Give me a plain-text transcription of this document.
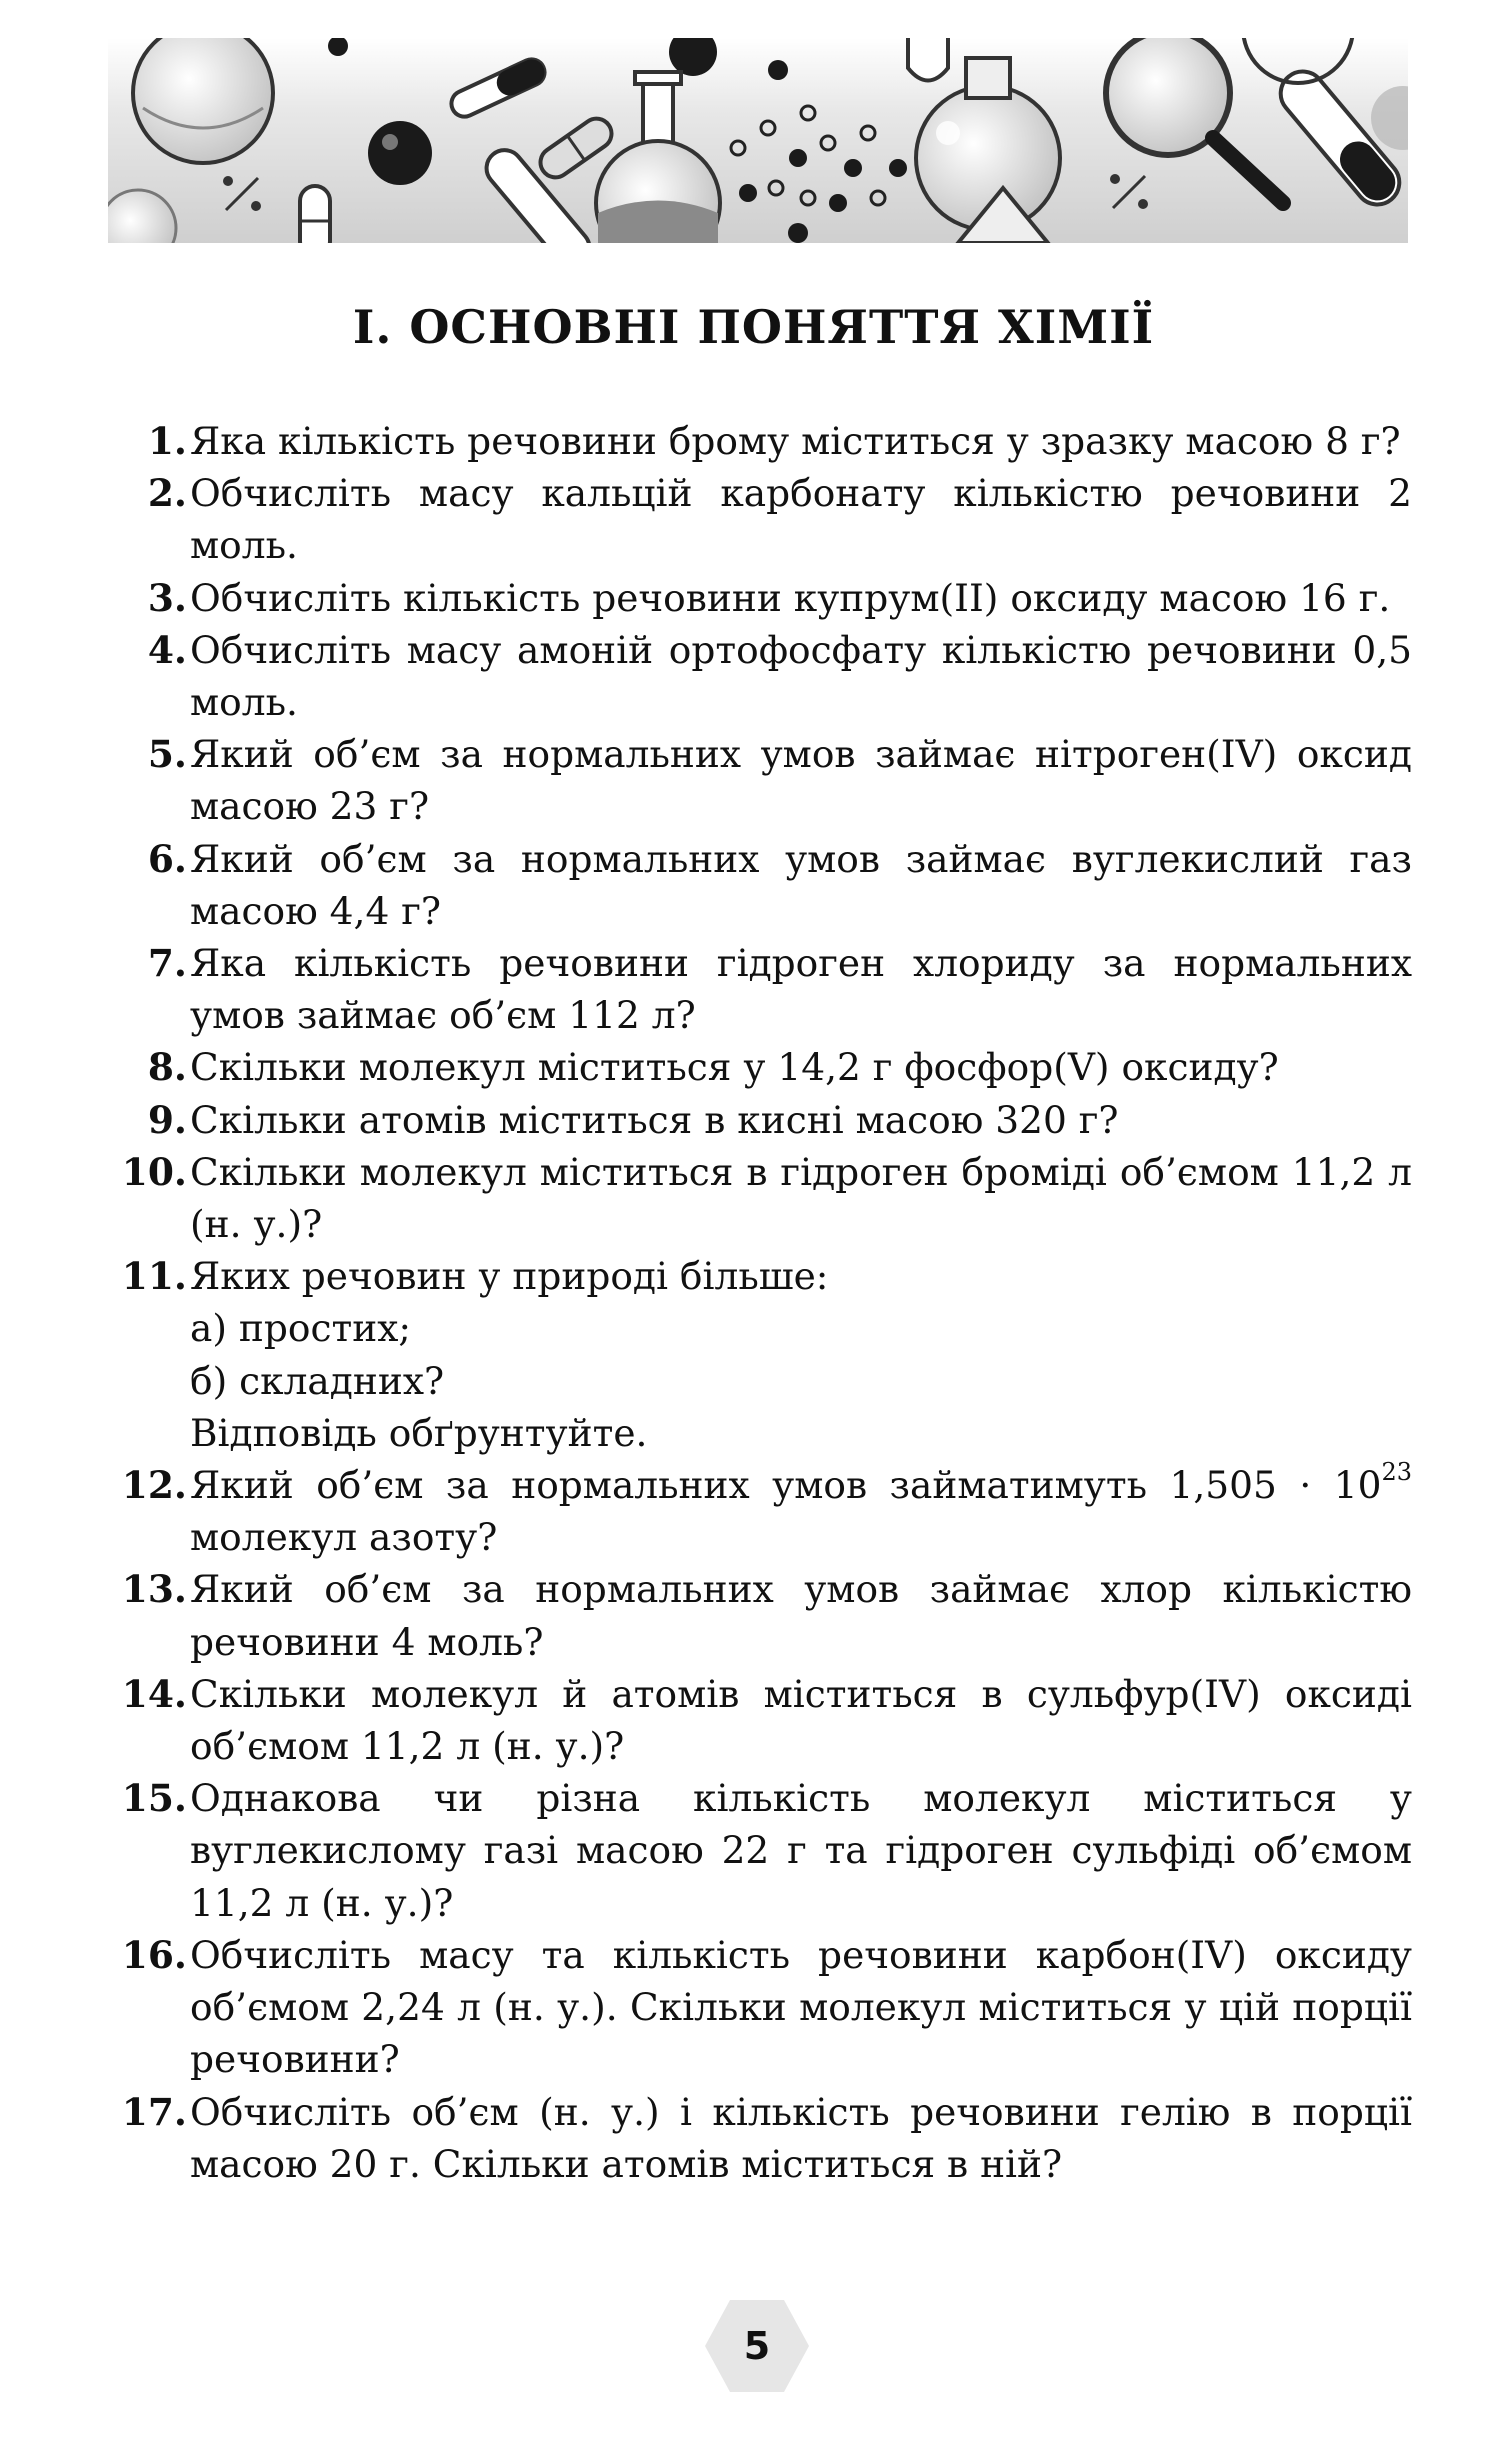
I. ОСНОВНІ ПОНЯТТЯ ХІМІЇ
1. Яка кількість речовини брому міститься у зразку масою 8 г?
2. Обчисліть масу кальцій карбонату кількістю речовини 2 моль.
3. Обчисліть кількість речовини купрум(ІІ) оксиду масою 16 г.
4. Обчисліть масу амоній ортофосфату кількістю речовини 0,5 моль.
5. Який об’єм за нормальних умов займає нітроген(ІV) оксид масою 23 г?
6. Який об’єм за нормальних умов займає вуглекислий газ масою 4,4 г?
7. Яка кількість речовини гідроген хлориду за нормальних умов займає об’єм 112 л?
8. Скільки молекул міститься у 14,2 г фосфор(V) оксиду?
9. Скільки атомів міститься в кисні масою 320 г?
10. Скільки молекул міститься в гідроген броміді об’ємом 11,2 л (н. у.)?
11. Яких речовин у природі більше:
а) простих;
б) складних?
Відповідь обґрунтуйте.
12. Який об’єм за нормальних умов займатимуть $1,505 \cdot 10^{23}$ молекул азоту?
13. Який об’єм за нормальних умов займає хлор кількістю речовини 4 моль?
14. Скільки молекул й атомів міститься в сульфур(ІV) оксиді об’ємом 11,2 л (н. у.)?
15. Однакова чи різна кількість молекул міститься у вуглекислому газі масою 22 г та гідроген сульфіді об’ємом 11,2 л (н. у.)?
16. Обчисліть масу та кількість речовини карбон(ІV) оксиду об’ємом 2,24 л (н. у.). Скільки молекул міститься у цій порції речовини?
17. Обчисліть об’єм (н. у.) і кількість речовини гелію в порції масою 20 г. Скільки атомів міститься в ній?
5
